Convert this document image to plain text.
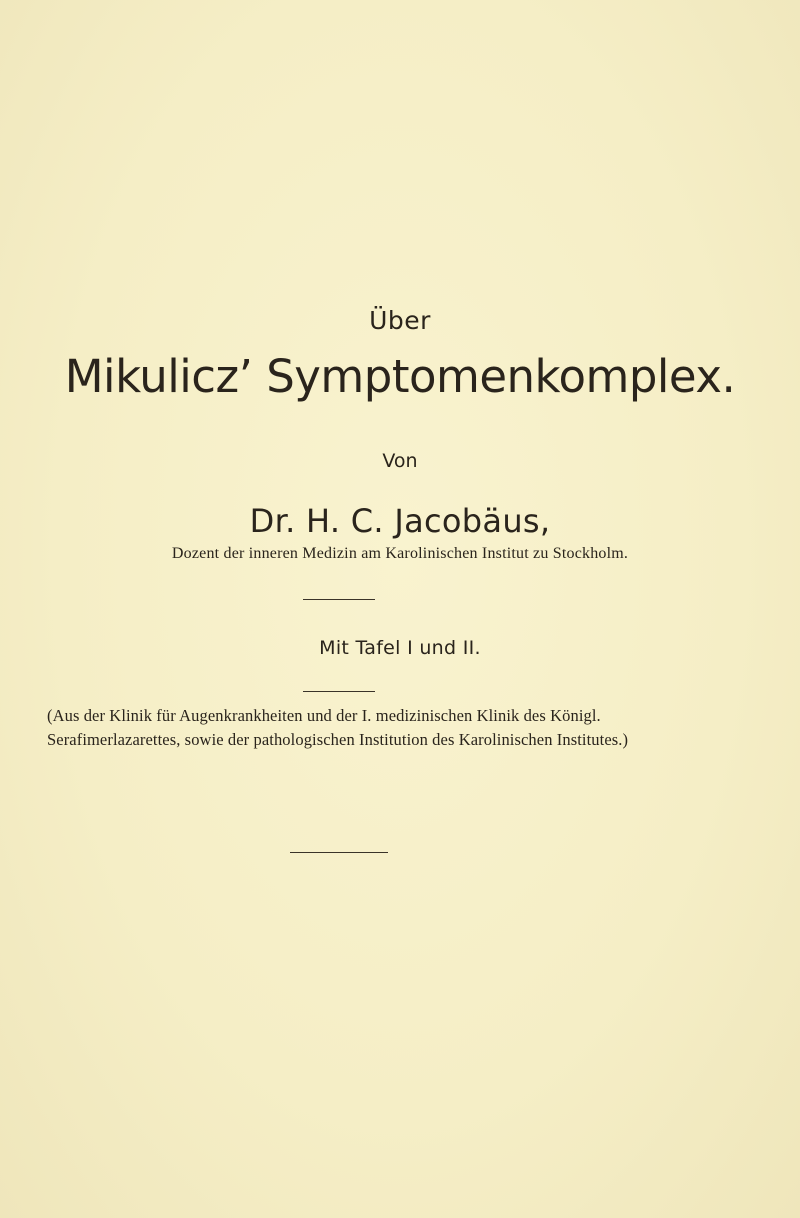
Über
Mikulicz’ Symptomenkomplex.
Von
Dr. H. C. Jacobäus,
Dozent der inneren Medizin am Karolinischen Institut zu Stockholm.
Mit Tafel I und II.
(Aus der Klinik für Augenkrankheiten und der I. medizinischen Klinik des Königl.
Serafimerlazarettes, sowie der pathologischen Institution des Karolinischen Institutes.)
